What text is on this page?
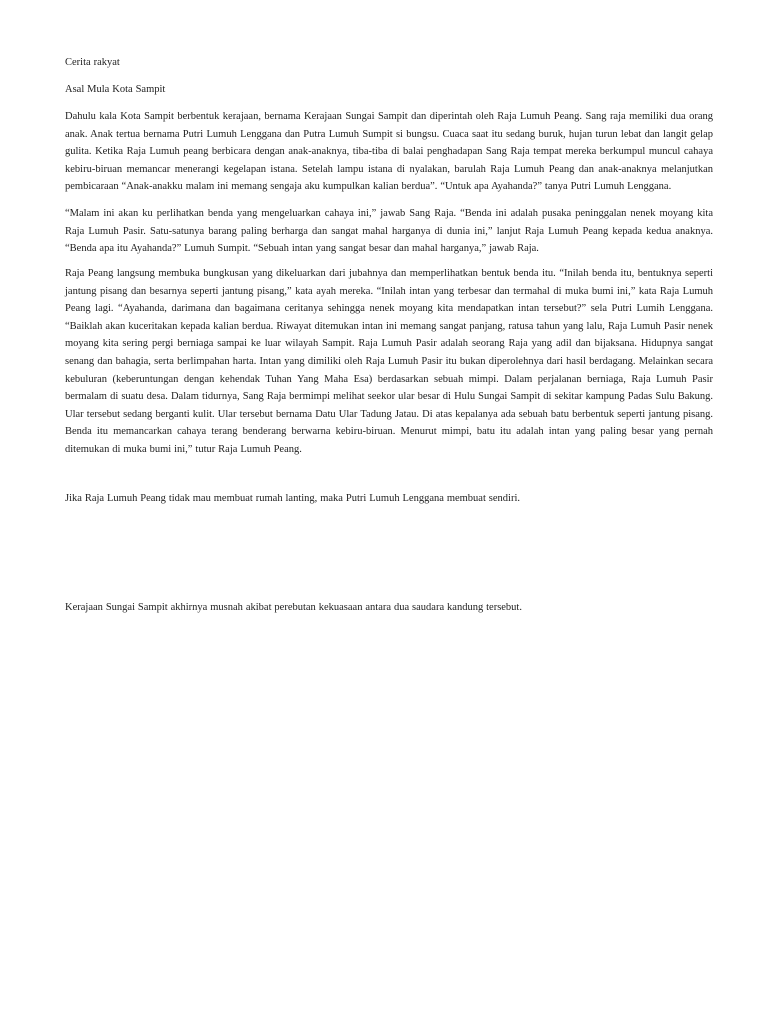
Cerita rakyat

Asal Mula Kota Sampit

Dahulu kala Kota Sampit berbentuk kerajaan, bernama Kerajaan Sungai Sampit dan diperintah oleh Raja Lumuh Peang. Sang raja memiliki dua orang anak. Anak tertua bernama Putri Lumuh Lenggana dan Putra Lumuh Sumpit si bungsu. Cuaca saat itu sedang buruk, hujan turun lebat dan langit gelap gulita. Ketika Raja Lumuh peang berbicara dengan anak-anaknya, tiba-tiba di balai penghadapan Sang Raja tempat mereka berkumpul muncul cahaya kebiru-biruan memancar menerangi kegelapan istana. Setelah lampu istana di nyalakan, barulah Raja Lumuh Peang dan anak-anaknya melanjutkan pembicaraan “Anak-anakku malam ini memang sengaja aku kumpulkan kalian berdua”. “Untuk apa Ayahanda?” tanya Putri Lumuh Lenggana.

“Malam ini akan ku perlihatkan benda yang mengeluarkan cahaya ini,” jawab Sang Raja. “Benda ini adalah pusaka peninggalan nenek moyang kita Raja Lumuh Pasir. Satu-satunya barang paling berharga dan sangat mahal harganya di dunia ini,” lanjut Raja Lumuh Peang kepada kedua anaknya. “Benda apa itu Ayahanda?” Lumuh Sumpit. “Sebuah intan yang sangat besar dan mahal harganya,” jawab Raja.

Raja Peang langsung membuka bungkusan yang dikeluarkan dari jubahnya dan memperlihatkan bentuk benda itu. “Inilah benda itu, bentuknya seperti jantung pisang dan besarnya seperti jantung pisang,” kata ayah mereka. “Inilah intan yang terbesar dan termahal di muka bumi ini,” kata Raja Lumuh Peang lagi. “Ayahanda, darimana dan bagaimana ceritanya sehingga nenek moyang kita mendapatkan intan tersebut?” sela Putri Lumih Lenggana. “Baiklah akan kuceritakan kepada kalian berdua. Riwayat ditemukan intan ini memang sangat panjang, ratusa tahun yang lalu, Raja Lumuh Pasir nenek moyang kita sering pergi berniaga sampai ke luar wilayah Sampit. Raja Lumuh Pasir adalah seorang Raja yang adil dan bijaksana. Hidupnya sangat senang dan bahagia, serta berlimpahan harta. Intan yang dimiliki oleh Raja Lumuh Pasir itu bukan diperolehnya dari hasil berdagang. Melainkan secara kebuluran (keberuntungan dengan kehendak Tuhan Yang Maha Esa) berdasarkan sebuah mimpi. Dalam perjalanan berniaga, Raja Lumuh Pasir bermalam di suatu desa. Dalam tidurnya, Sang Raja bermimpi melihat seekor ular besar di Hulu Sungai Sampit di sekitar kampung Padas Sulu Bakung. Ular tersebut sedang berganti kulit. Ular tersebut bernama Datu Ular Tadung Jatau. Di atas kepalanya ada sebuah batu berbentuk seperti jantung pisang. Benda itu memancarkan cahaya terang benderang berwarna kebiru-biruan. Menurut mimpi, batu itu adalah intan yang paling besar yang pernah ditemukan di muka bumi ini,” tutur Raja Lumuh Peang.

Jika Raja Lumuh Peang tidak mau membuat rumah lanting, maka Putri Lumuh Lenggana membuat sendiri.

Kerajaan Sungai Sampit akhirnya musnah akibat perebutan kekuasaan antara dua saudara kandung tersebut.
